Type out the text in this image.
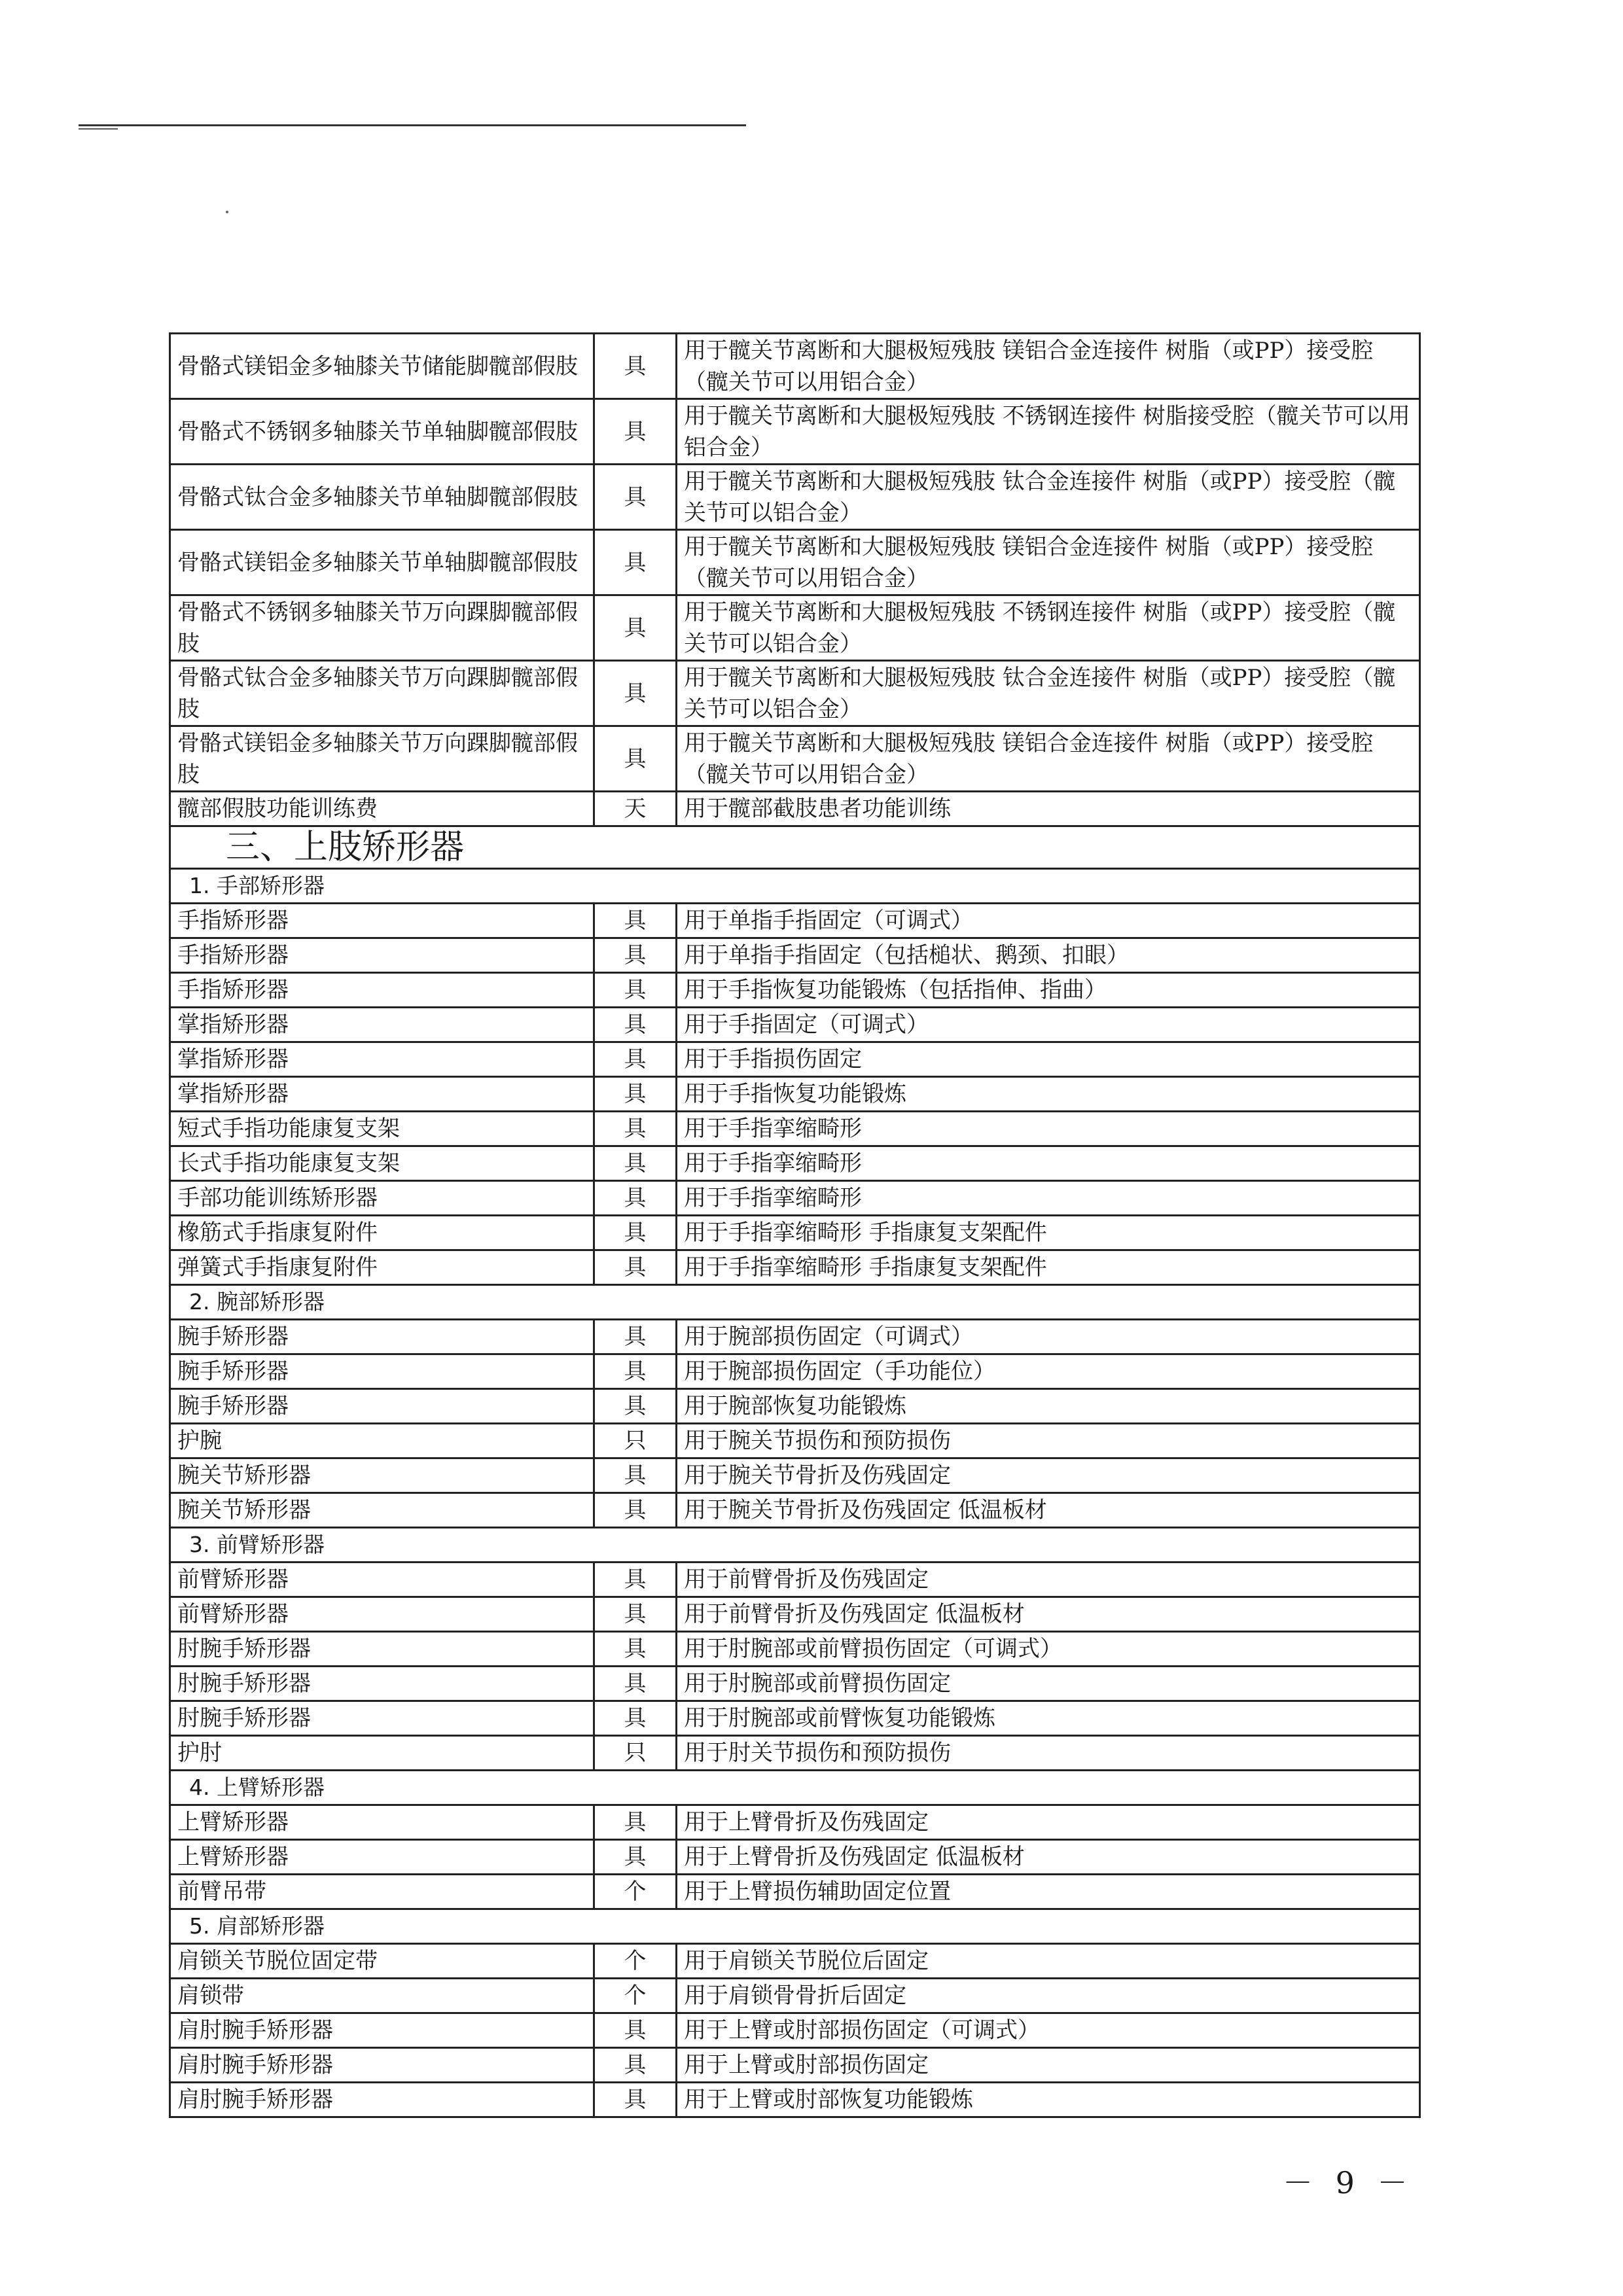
骨骼式镁铝金多轴膝关节储能脚髋部假肢	具	用于髋关节离断和大腿极短残肢 镁铝合金连接件 树脂（或PP）接受腔（髋关节可以用铝合金）
骨骼式不锈钢多轴膝关节单轴脚髋部假肢	具	用于髋关节离断和大腿极短残肢 不锈钢连接件 树脂接受腔（髋关节可以用铝合金）
骨骼式钛合金多轴膝关节单轴脚髋部假肢	具	用于髋关节离断和大腿极短残肢 钛合金连接件 树脂（或PP）接受腔（髋关节可以铝合金）
骨骼式镁铝金多轴膝关节单轴脚髋部假肢	具	用于髋关节离断和大腿极短残肢 镁铝合金连接件 树脂（或PP）接受腔（髋关节可以用铝合金）
骨骼式不锈钢多轴膝关节万向踝脚髋部假肢	具	用于髋关节离断和大腿极短残肢 不锈钢连接件 树脂（或PP）接受腔（髋关节可以铝合金）
骨骼式钛合金多轴膝关节万向踝脚髋部假肢	具	用于髋关节离断和大腿极短残肢 钛合金连接件 树脂（或PP）接受腔（髋关节可以铝合金）
骨骼式镁铝金多轴膝关节万向踝脚髋部假肢	具	用于髋关节离断和大腿极短残肢 镁铝合金连接件 树脂（或PP）接受腔（髋关节可以用铝合金）
髋部假肢功能训练费	天	用于髋部截肢患者功能训练
三、上肢矫形器		
1. 手部矫形器		
手指矫形器	具	用于单指手指固定（可调式）
手指矫形器	具	用于单指手指固定（包括槌状、鹅颈、扣眼）
手指矫形器	具	用于手指恢复功能锻炼（包括指伸、指曲）
掌指矫形器	具	用于手指固定（可调式）
掌指矫形器	具	用于手指损伤固定
掌指矫形器	具	用于手指恢复功能锻炼
短式手指功能康复支架	具	用于手指挛缩畸形
长式手指功能康复支架	具	用于手指挛缩畸形
手部功能训练矫形器	具	用于手指挛缩畸形
橡筋式手指康复附件	具	用于手指挛缩畸形 手指康复支架配件
弹簧式手指康复附件	具	用于手指挛缩畸形 手指康复支架配件
2. 腕部矫形器		
腕手矫形器	具	用于腕部损伤固定（可调式）
腕手矫形器	具	用于腕部损伤固定（手功能位）
腕手矫形器	具	用于腕部恢复功能锻炼
护腕	只	用于腕关节损伤和预防损伤
腕关节矫形器	具	用于腕关节骨折及伤残固定
腕关节矫形器	具	用于腕关节骨折及伤残固定 低温板材
3. 前臂矫形器		
前臂矫形器	具	用于前臂骨折及伤残固定
前臂矫形器	具	用于前臂骨折及伤残固定 低温板材
肘腕手矫形器	具	用于肘腕部或前臂损伤固定（可调式）
肘腕手矫形器	具	用于肘腕部或前臂损伤固定
肘腕手矫形器	具	用于肘腕部或前臂恢复功能锻炼
护肘	只	用于肘关节损伤和预防损伤
4. 上臂矫形器		
上臂矫形器	具	用于上臂骨折及伤残固定
上臂矫形器	具	用于上臂骨折及伤残固定 低温板材
前臂吊带	个	用于上臂损伤辅助固定位置
5. 肩部矫形器		
肩锁关节脱位固定带	个	用于肩锁关节脱位后固定
肩锁带	个	用于肩锁骨骨折后固定
肩肘腕手矫形器	具	用于上臂或肘部损伤固定（可调式）
肩肘腕手矫形器	具	用于上臂或肘部损伤固定
肩肘腕手矫形器	具	用于上臂或肘部恢复功能锻炼
－ 9 －
